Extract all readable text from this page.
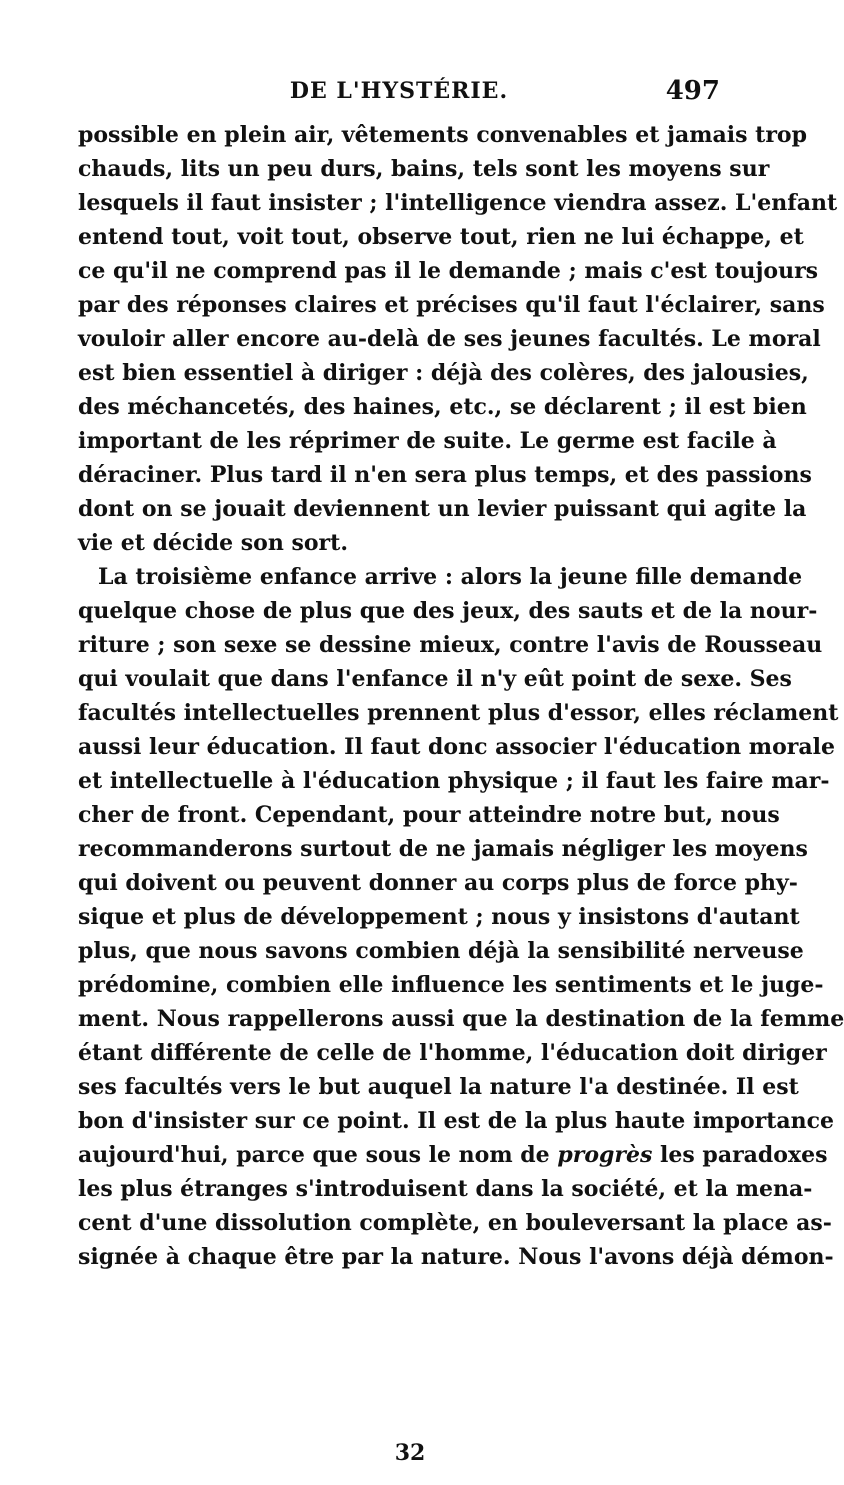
DE L'HYSTÉRIE.	497
possible en plein air, vêtements convenables et jamais trop
chauds, lits un peu durs, bains, tels sont les moyens sur
lesquels il faut insister ; l'intelligence viendra assez. L'enfant
entend tout, voit tout, observe tout, rien ne lui échappe, et
ce qu'il ne comprend pas il le demande ; mais c'est toujours
par des réponses claires et précises qu'il faut l'éclairer, sans
vouloir aller encore au-delà de ses jeunes facultés. Le moral
est bien essentiel à diriger : déjà des colères, des jalousies,
des méchancetés, des haines, etc., se déclarent ; il est bien
important de les réprimer de suite. Le germe est facile à
déraciner. Plus tard il n'en sera plus temps, et des passions
dont on se jouait deviennent un levier puissant qui agite la
vie et décide son sort.
La troisième enfance arrive : alors la jeune fille demande
quelque chose de plus que des jeux, des sauts et de la nour-
riture ; son sexe se dessine mieux, contre l'avis de Rousseau
qui voulait que dans l'enfance il n'y eût point de sexe. Ses
facultés intellectuelles prennent plus d'essor, elles réclament
aussi leur éducation. Il faut donc associer l'éducation morale
et intellectuelle à l'éducation physique ; il faut les faire mar-
cher de front. Cependant, pour atteindre notre but, nous
recommanderons surtout de ne jamais négliger les moyens
qui doivent ou peuvent donner au corps plus de force phy-
sique et plus de développement ; nous y insistons d'autant
plus, que nous savons combien déjà la sensibilité nerveuse
prédomine, combien elle influence les sentiments et le juge-
ment. Nous rappellerons aussi que la destination de la femme
étant différente de celle de l'homme, l'éducation doit diriger
ses facultés vers le but auquel la nature l'a destinée. Il est
bon d'insister sur ce point. Il est de la plus haute importance
aujourd'hui, parce que sous le nom de progrès les paradoxes
les plus étranges s'introduisent dans la société, et la mena-
cent d'une dissolution complète, en bouleversant la place as-
signée à chaque être par la nature. Nous l'avons déjà démon-
32
